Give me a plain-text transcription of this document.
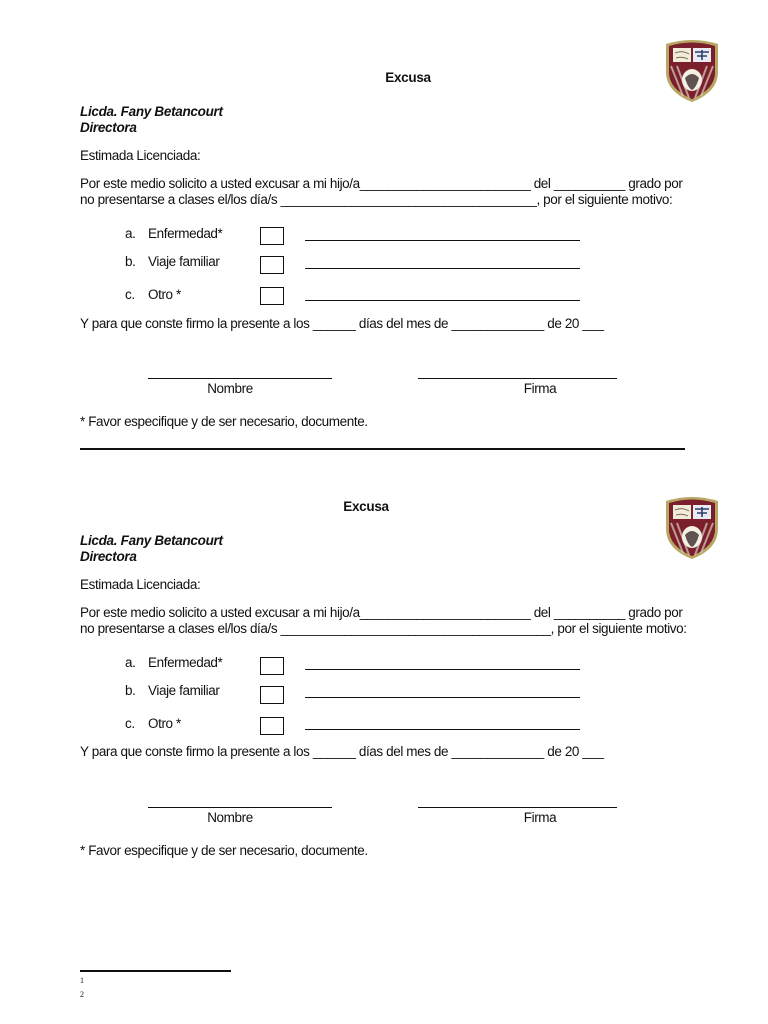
Excusa
Licda. Fany Betancourt
Directora
Estimada Licenciada:
Por este medio solicito a usted excusar a mi hijo/a________________________ del __________ grado por
no presentarse a clases el/los día/s ____________________________________, por el siguiente motivo:
a. Enfermedad*
b. Viaje familiar
c. Otro *
Y para que conste firmo la presente a los ______ días del mes de _____________ de 20 ___
Nombre	Firma
* Favor especifique y de ser necesario, documente.
Excusa
Licda. Fany Betancourt
Directora
Estimada Licenciada:
Por este medio solicito a usted excusar a mi hijo/a________________________ del __________ grado por
no presentarse a clases el/los día/s ______________________________________, por el siguiente motivo:
a. Enfermedad*
b. Viaje familiar
c. Otro *
Y para que conste firmo la presente a los ______ días del mes de _____________ de 20 ___
Nombre	Firma
* Favor especifique y de ser necesario, documente.
1
2
